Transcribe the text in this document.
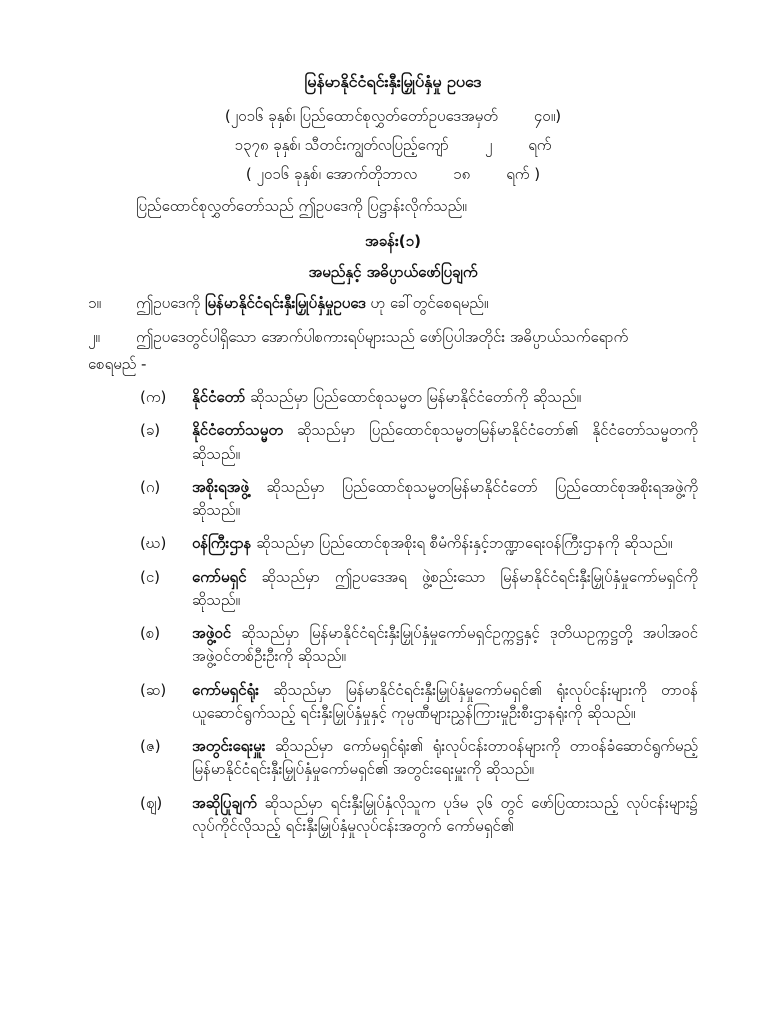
မြန်မာနိုင်ငံရင်းနှီးမြှုပ်နှံမှု ဥပဒေ
(၂၀၁၆ ခုနှစ်၊ ပြည်ထောင်စုလွှတ်တော်ဥပဒေအမှတ် ၄၀။)
၁၃၇၈ ခုနှစ်၊ သီတင်းကျွတ်လပြည့်ကျော် ၂ ရက်
( ၂၀၁၆ ခုနှစ်၊ အောက်တိုဘာလ ၁၈ ရက် )
ပြည်ထောင်စုလွှတ်တော်သည် ဤဥပဒေကို ပြဋ္ဌာန်းလိုက်သည်။
အခန်း(၁)
အမည်နှင့် အဓိပ္ပာယ်ဖော်ပြချက်
၁။	ဤဥပဒေကို မြန်မာနိုင်ငံရင်းနှီးမြှုပ်နှံမှုဥပဒေ ဟု ခေါ်တွင်စေရမည်။
၂။	ဤဥပဒေတွင်ပါရှိသော အောက်ပါစကားရပ်များသည် ဖော်ပြပါအတိုင်း အဓိပ္ပာယ်သက်ရောက်
စေရမည် -
(က)	နိုင်ငံတော် ဆိုသည်မှာ ပြည်ထောင်စုသမ္မတ မြန်မာနိုင်ငံတော်ကို ဆိုသည်။
(ခ)	နိုင်ငံတော်သမ္မတ ဆိုသည်မှာ ပြည်ထောင်စုသမ္မတမြန်မာနိုင်ငံတော်၏ နိုင်ငံတော်သမ္မတကို ဆိုသည်။
(ဂ)	အစိုးရအဖွဲ့ ဆိုသည်မှာ ပြည်ထောင်စုသမ္မတမြန်မာနိုင်ငံတော် ပြည်ထောင်စုအစိုးရအဖွဲ့ကို ဆိုသည်။
(ဃ)	ဝန်ကြီးဌာန ဆိုသည်မှာ ပြည်ထောင်စုအစိုးရ စီမံကိန်းနှင့်ဘဏ္ဍာရေးဝန်ကြီးဌာနကို ဆိုသည်။
(င)	ကော်မရှင် ဆိုသည်မှာ ဤဥပဒေအရ ဖွဲ့စည်းသော မြန်မာနိုင်ငံရင်းနှီးမြှုပ်နှံမှုကော်မရှင်ကို ဆိုသည်။
(စ)	အဖွဲ့ဝင် ဆိုသည်မှာ မြန်မာနိုင်ငံရင်းနှီးမြှုပ်နှံမှုကော်မရှင်ဥက္ကဋ္ဌနှင့် ဒုတိယဥက္ကဋ္ဌတို့ အပါအဝင် အဖွဲ့ဝင်တစ်ဦးဦးကို ဆိုသည်။
(ဆ)	ကော်မရှင်ရုံး ဆိုသည်မှာ မြန်မာနိုင်ငံရင်းနှီးမြှုပ်နှံမှုကော်မရှင်၏ ရုံးလုပ်ငန်းများကို တာဝန်ယူဆောင်ရွက်သည့် ရင်းနှီးမြှုပ်နှံမှုနှင့် ကုမ္ပဏီများညွှန်ကြားမှုဦးစီးဌာနရုံးကို ဆိုသည်။
(ဇ)	အတွင်းရေးမှူး ဆိုသည်မှာ ကော်မရှင်ရုံး၏ ရုံးလုပ်ငန်းတာဝန်များကို တာဝန်ခံဆောင်ရွက်မည့် မြန်မာနိုင်ငံရင်းနှီးမြှုပ်နှံမှုကော်မရှင်၏ အတွင်းရေးမှူးကို ဆိုသည်။
(ဈ)	အဆိုပြုချက် ဆိုသည်မှာ ရင်းနှီးမြှုပ်နှံလိုသူက ပုဒ်မ ၃၆ တွင် ဖော်ပြထားသည့် လုပ်ငန်းများ၌ လုပ်ကိုင်လိုသည့် ရင်းနှီးမြှုပ်နှံမှုလုပ်ငန်းအတွက် ကော်မရှင်၏
